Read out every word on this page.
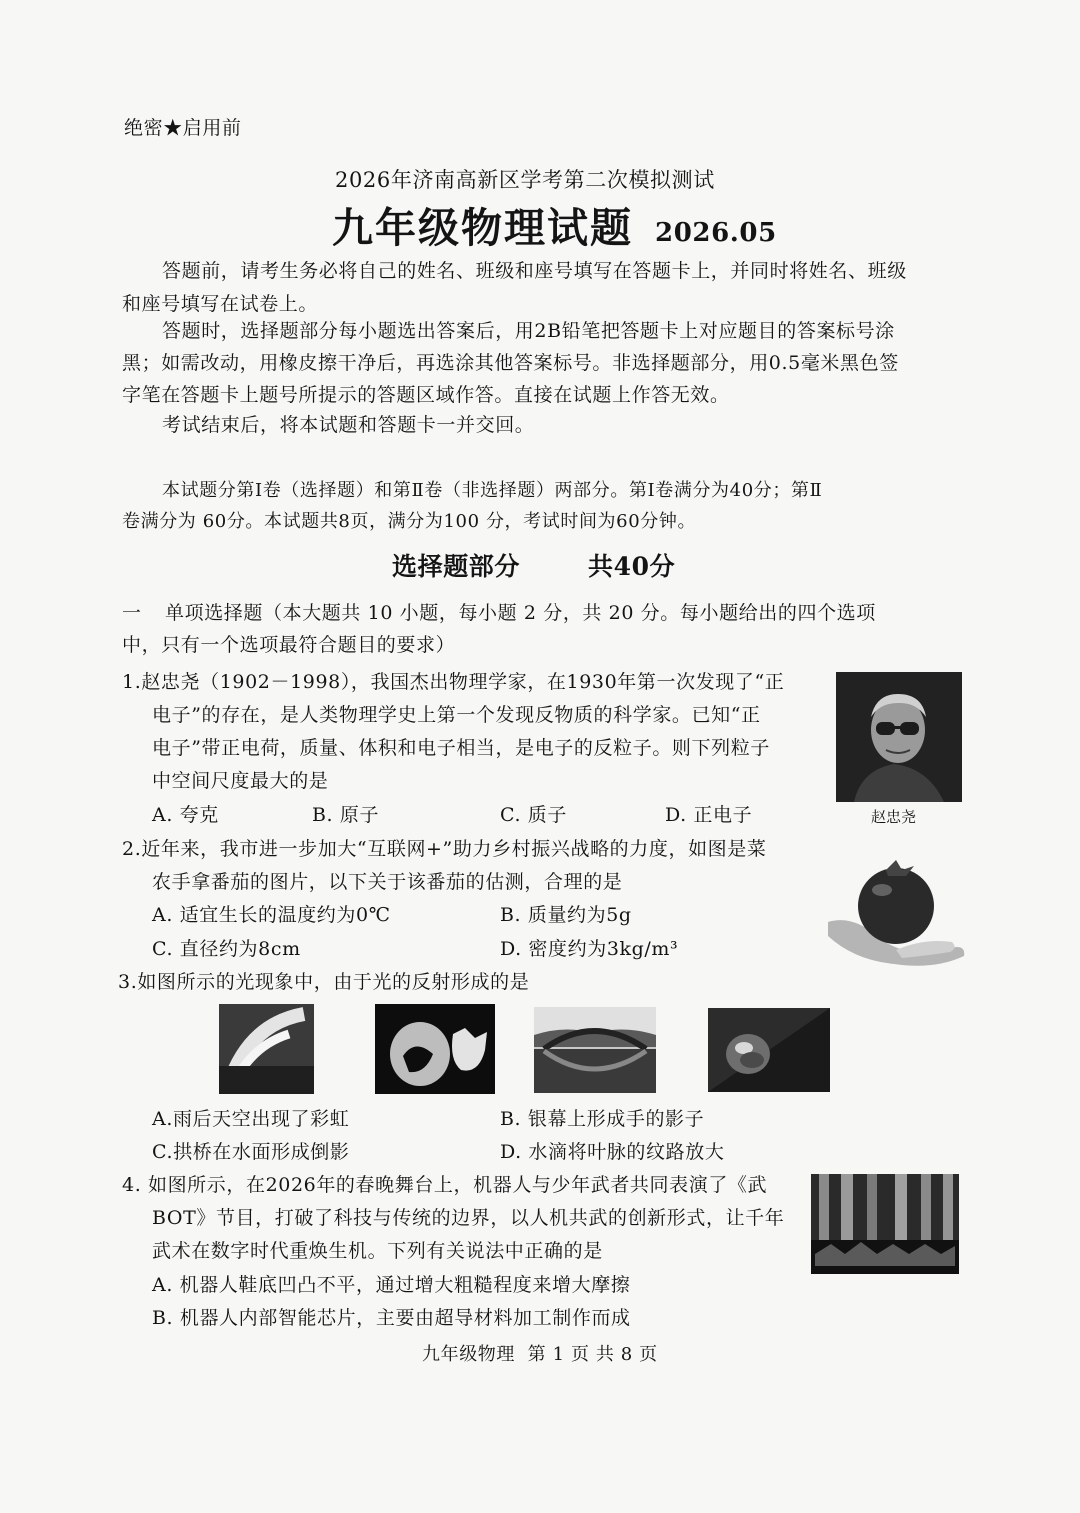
绝密★启用前
2026年济南高新区学考第二次模拟测试
九年级物理试题 2026.05
答题前，请考生务必将自己的姓名、班级和座号填写在答题卡上，并同时将姓名、班级
和座号填写在试卷上。
答题时，选择题部分每小题选出答案后，用2B铅笔把答题卡上对应题目的答案标号涂
黑；如需改动，用橡皮擦干净后，再选涂其他答案标号。非选择题部分，用0.5毫米黑色签
字笔在答题卡上题号所提示的答题区域作答。直接在试题上作答无效。
考试结束后，将本试题和答题卡一并交回。
本试题分第Ⅰ卷（选择题）和第Ⅱ卷（非选择题）两部分。第Ⅰ卷满分为40分；第Ⅱ
卷满分为 60分。本试题共8页，满分为100 分，考试时间为60分钟。
选择题部分	共40分
一 单项选择题（本大题共 10 小题，每小题 2 分，共 20 分。每小题给出的四个选项
中，只有一个选项最符合题目的要求）
1.赵忠尧（1902－1998），我国杰出物理学家，在1930年第一次发现了“正
电子”的存在，是人类物理学史上第一个发现反物质的科学家。已知“正
电子”带正电荷，质量、体积和电子相当，是电子的反粒子。则下列粒子
中空间尺度最大的是
A. 夸克	B. 原子	C. 质子	D. 正电子	赵忠尧
2.近年来，我市进一步加大“互联网+”助力乡村振兴战略的力度，如图是菜
农手拿番茄的图片，以下关于该番茄的估测，合理的是
A. 适宜生长的温度约为0℃	B. 质量约为5g
C. 直径约为8cm	D. 密度约为3kg/m³
3.如图所示的光现象中，由于光的反射形成的是
A.雨后天空出现了彩虹	B. 银幕上形成手的影子
C.拱桥在水面形成倒影	D. 水滴将叶脉的纹路放大
4. 如图所示，在2026年的春晚舞台上，机器人与少年武者共同表演了《武
BOT》节目，打破了科技与传统的边界，以人机共武的创新形式，让千年
武术在数字时代重焕生机。下列有关说法中正确的是
A. 机器人鞋底凹凸不平，通过增大粗糙程度来增大摩擦
B. 机器人内部智能芯片，主要由超导材料加工制作而成
九年级物理  第 1 页 共 8 页
